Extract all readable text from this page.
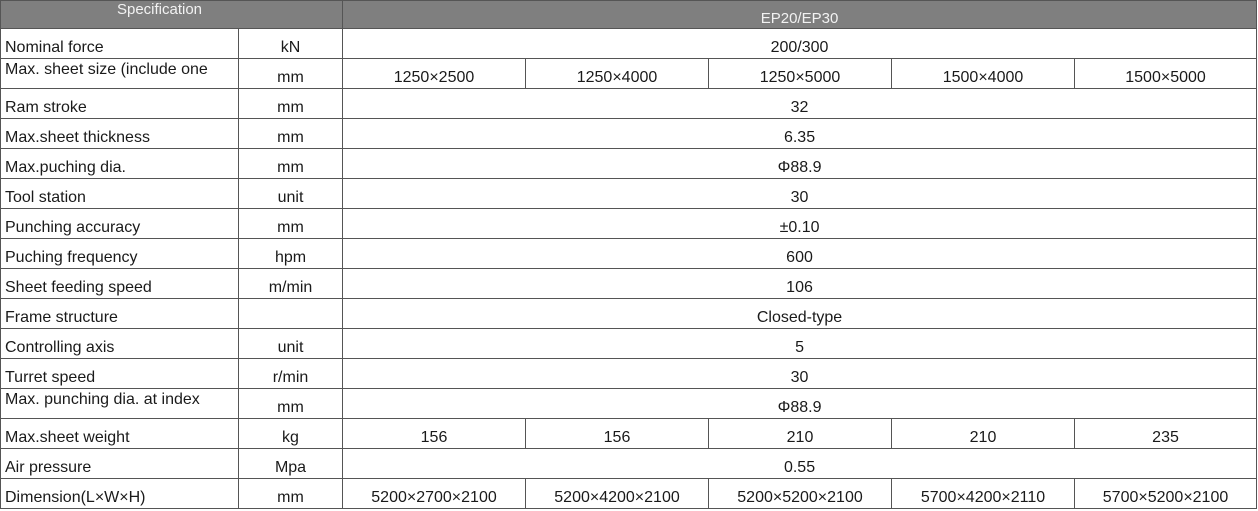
Specification		EP20/EP30				
Nominal force	kN	200/300				
Max. sheet size (include one	mm	1250×2500	1250×4000	1250×5000	1500×4000	1500×5000
Ram stroke	mm	32				
Max.sheet thickness	mm	6.35				
Max.puching dia.	mm	Φ88.9				
Tool station	unit	30				
Punching accuracy	mm	±0.10				
Puching frequency	hpm	600				
Sheet feeding speed	m/min	106				
Frame structure		Closed-type				
Controlling axis	unit	5				
Turret speed	r/min	30				
Max. punching dia. at index	mm	Φ88.9				
Max.sheet weight	kg	156	156	210	210	235
Air pressure	Mpa	0.55				
Dimension(L×W×H)	mm	5200×2700×2100	5200×4200×2100	5200×5200×2100	5700×4200×2110	5700×5200×2100
